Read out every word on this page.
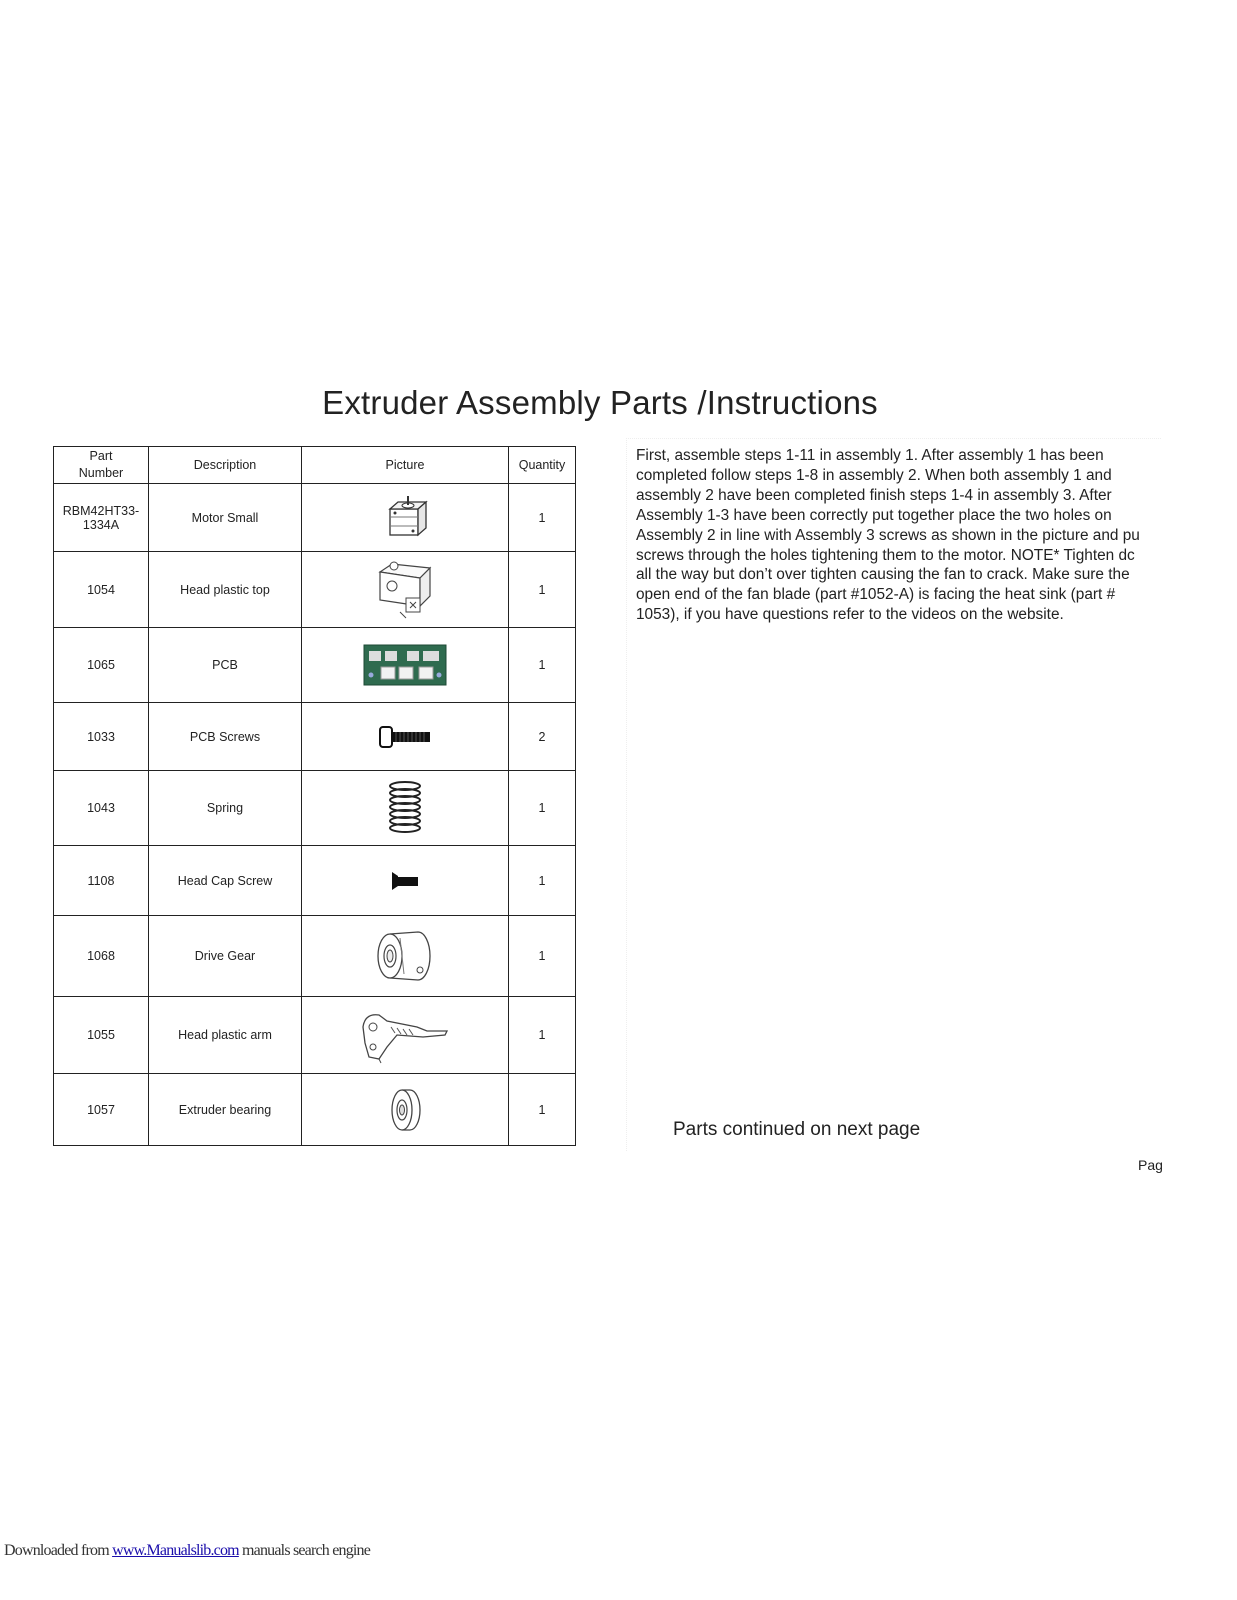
Extruder Assembly Parts /Instructions
Part
Number	Description	Picture	Quantity

RBM42HT33-
1334A	Motor Small		1
1054	Head plastic top		1
1065	PCB		1
1033	PCB Screws		2
1043	Spring		1
1108	Head Cap Screw		1
1068	Drive Gear		1
1055	Head plastic arm		1
1057	Extruder bearing		1
First, assemble steps 1-11 in assembly 1. After assembly 1 has been
completed follow steps 1-8 in assembly 2. When both assembly 1 and
assembly 2 have been completed finish steps 1-4 in assembly 3. After
Assembly 1-3 have been correctly put together place the two holes on
Assembly 2 in line with Assembly 3 screws as shown in the picture and pu
screws through the holes tightening them to the motor. NOTE* Tighten dc
all the way but don’t over tighten causing the fan to crack. Make sure the
open end of the fan blade (part #1052-A) is facing the heat sink (part #
1053), if you have questions refer to the videos on the website.
Parts continued on next page
Pag
Downloaded from www.Manualslib.com manuals search engine
